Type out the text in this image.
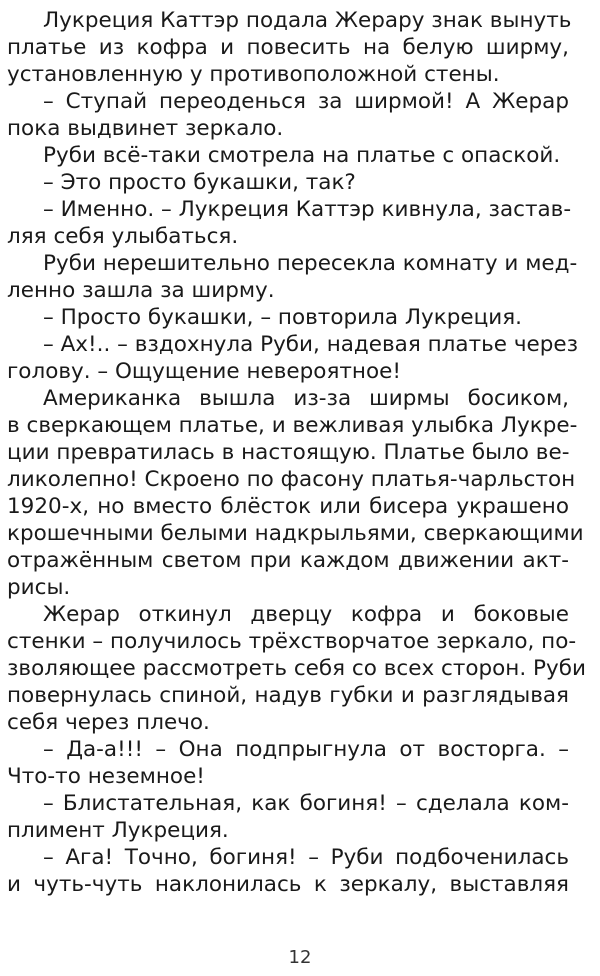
Лукреция Каттэр подала Жерару знак вынуть
платье из кофра и повесить на белую ширму,
установленную у противоположной стены.
– Ступай переоденься за ширмой! А Жерар
пока выдвинет зеркало.
Руби всё-таки смотрела на платье с опаской.
– Это просто букашки, так?
– Именно. – Лукреция Каттэр кивнула, застав-
ляя себя улыбаться.
Руби нерешительно пересекла комнату и мед-
ленно зашла за ширму.
– Просто букашки, – повторила Лукреция.
– Ах!.. – вздохнула Руби, надевая платье через
голову. – Ощущение невероятное!
Американка вышла из-за ширмы босиком,
в сверкающем платье, и вежливая улыбка Лукре-
ции превратилась в настоящую. Платье было ве-
ликолепно! Скроено по фасону платья-чарльстон
1920-х, но вместо блёсток или бисера украшено
крошечными белыми надкрыльями, сверкающими
отражённым светом при каждом движении акт-
рисы.
Жерар откинул дверцу кофра и боковые
стенки – получилось трёхстворчатое зеркало, по-
зволяющее рассмотреть себя со всех сторон. Руби
повернулась спиной, надув губки и разглядывая
себя через плечо.
– Да-а!!! – Она подпрыгнула от восторга. –
Что-то неземное!
– Блистательная, как богиня! – сделала ком-
плимент Лукреция.
– Ага! Точно, богиня! – Руби подбоченилась
и чуть-чуть наклонилась к зеркалу, выставляя
12
